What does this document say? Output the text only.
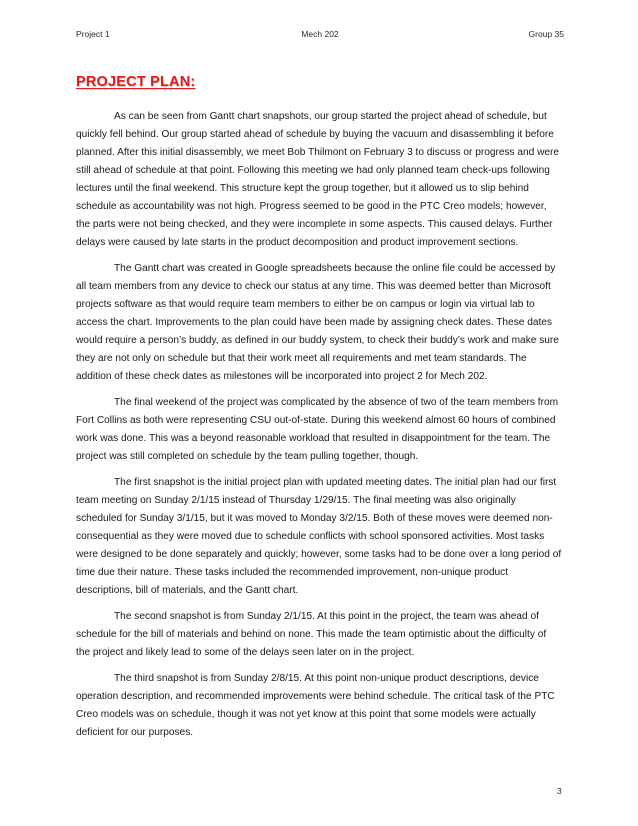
Project 1	Mech 202	Group 35
PROJECT PLAN:

As can be seen from Gantt chart snapshots, our group started the project ahead of schedule, but quickly fell behind. Our group started ahead of schedule by buying the vacuum and disassembling it before planned. After this initial disassembly, we meet Bob Thilmont on February 3 to discuss or progress and were still ahead of schedule at that point. Following this meeting we had only planned team check-ups following lectures until the final weekend. This structure kept the group together, but it allowed us to slip behind schedule as accountability was not high. Progress seemed to be good in the PTC Creo models; however, the parts were not being checked, and they were incomplete in some aspects. This caused delays. Further delays were caused by late starts in the product decomposition and product improvement sections.

The Gantt chart was created in Google spreadsheets because the online file could be accessed by all team members from any device to check our status at any time. This was deemed better than Microsoft projects software as that would require team members to either be on campus or login via virtual lab to access the chart. Improvements to the plan could have been made by assigning check dates. These dates would require a person’s buddy, as defined in our buddy system, to check their buddy’s work and make sure they are not only on schedule but that their work meet all requirements and met team standards. The addition of these check dates as milestones will be incorporated into project 2 for Mech 202.

The final weekend of the project was complicated by the absence of two of the team members from Fort Collins as both were representing CSU out-of-state. During this weekend almost 60 hours of combined work was done. This was a beyond reasonable workload that resulted in disappointment for the team. The project was still completed on schedule by the team pulling together, though.

The first snapshot is the initial project plan with updated meeting dates. The initial plan had our first team meeting on Sunday 2/1/15 instead of Thursday 1/29/15. The final meeting was also originally scheduled for Sunday 3/1/15, but it was moved to Monday 3/2/15. Both of these moves were deemed non-consequential as they were moved due to schedule conflicts with school sponsored activities. Most tasks were designed to be done separately and quickly; however, some tasks had to be done over a long period of time due their nature. These tasks included the recommended improvement, non-unique product descriptions, bill of materials, and the Gantt chart.

The second snapshot is from Sunday 2/1/15. At this point in the project, the team was ahead of schedule for the bill of materials and behind on none. This made the team optimistic about the difficulty of the project and likely lead to some of the delays seen later on in the project.

The third snapshot is from Sunday 2/8/15. At this point non-unique product descriptions, device operation description, and recommended improvements were behind schedule. The critical task of the PTC Creo models was on schedule, though it was not yet know at this point that some models were actually deficient for our purposes.

3
